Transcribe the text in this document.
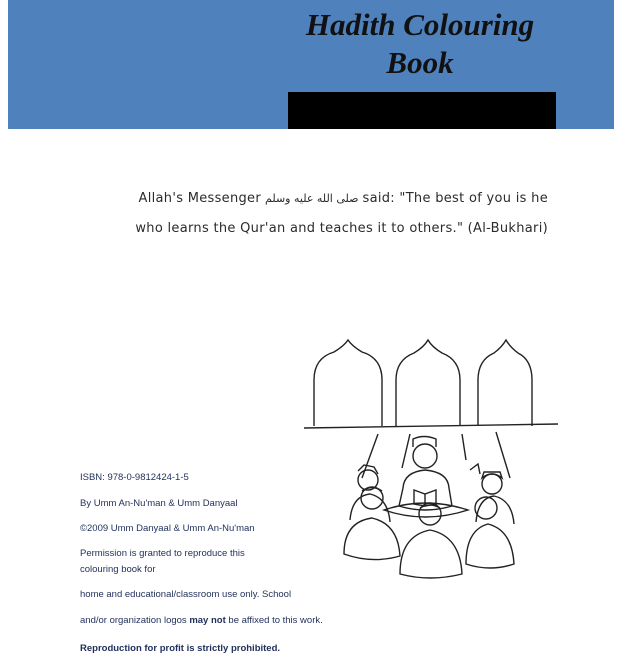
Hadith Colouring
Book
Allah's Messenger صلى الله عليه وسلم said: "The best of you is he
who learns the Qur'an and teaches it to others." (Al-Bukhari)
ISBN: 978-0-9812424-1-5
By Umm An-Nu'man & Umm Danyaal
©2009 Umm Danyaal & Umm An-Nu'man
Permission is granted to reproduce this
colouring book for
home and educational/classroom use only. School
and/or organization logos may not be affixed to this work.
Reproduction for profit is strictly prohibited.
